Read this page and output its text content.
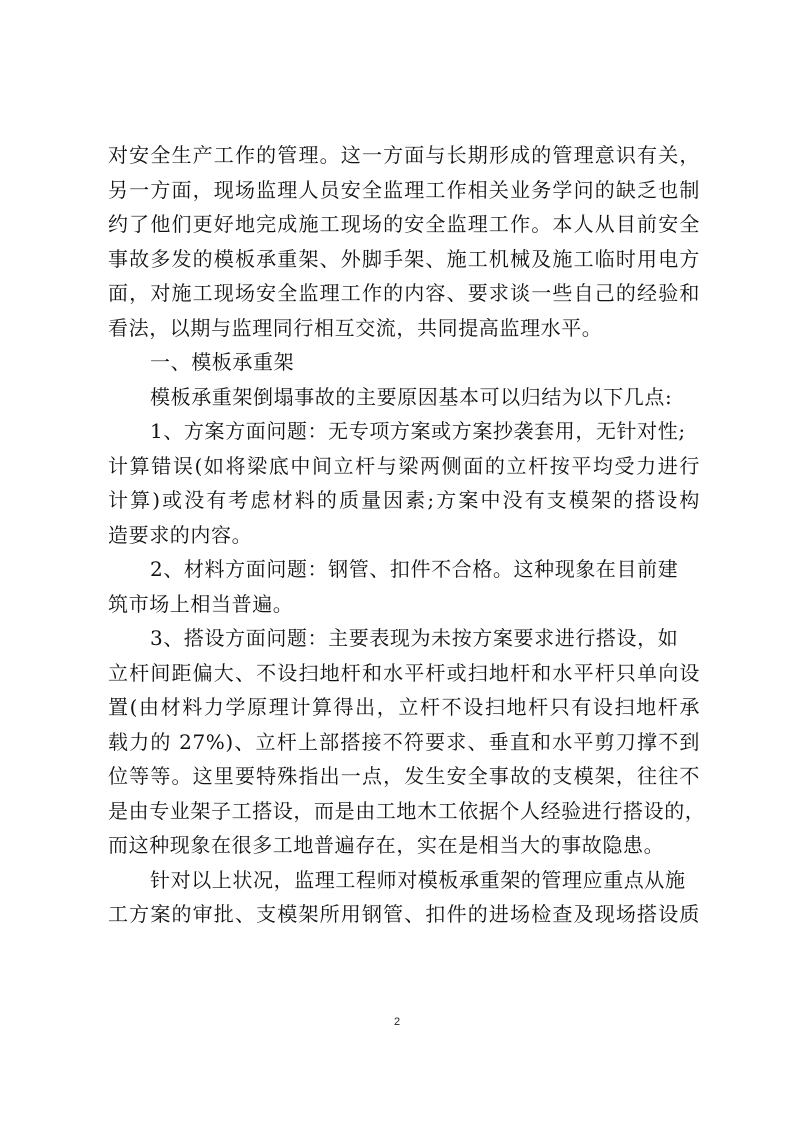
对安全生产工作的管理。这一方面与长期形成的管理意识有关，
另一方面，现场监理人员安全监理工作相关业务学问的缺乏也制
约了他们更好地完成施工现场的安全监理工作。本人从目前安全
事故多发的模板承重架、外脚手架、施工机械及施工临时用电方
面，对施工现场安全监理工作的内容、要求谈一些自己的经验和
看法，以期与监理同行相互交流，共同提高监理水平。
一、模板承重架
模板承重架倒塌事故的主要原因基本可以归结为以下几点:
1、方案方面问题：无专项方案或方案抄袭套用，无针对性;
计算错误(如将梁底中间立杆与梁两侧面的立杆按平均受力进行
计算)或没有考虑材料的质量因素;方案中没有支模架的搭设构
造要求的内容。
2、材料方面问题：钢管、扣件不合格。这种现象在目前建
筑市场上相当普遍。
3、搭设方面问题：主要表现为未按方案要求进行搭设，如
立杆间距偏大、不设扫地杆和水平杆或扫地杆和水平杆只单向设
置(由材料力学原理计算得出，立杆不设扫地杆只有设扫地杆承
载力的 27%)、立杆上部搭接不符要求、垂直和水平剪刀撑不到
位等等。这里要特殊指出一点，发生安全事故的支模架，往往不
是由专业架子工搭设，而是由工地木工依据个人经验进行搭设的，
而这种现象在很多工地普遍存在，实在是相当大的事故隐患。
针对以上状况，监理工程师对模板承重架的管理应重点从施
工方案的审批、支模架所用钢管、扣件的进场检查及现场搭设质
2
